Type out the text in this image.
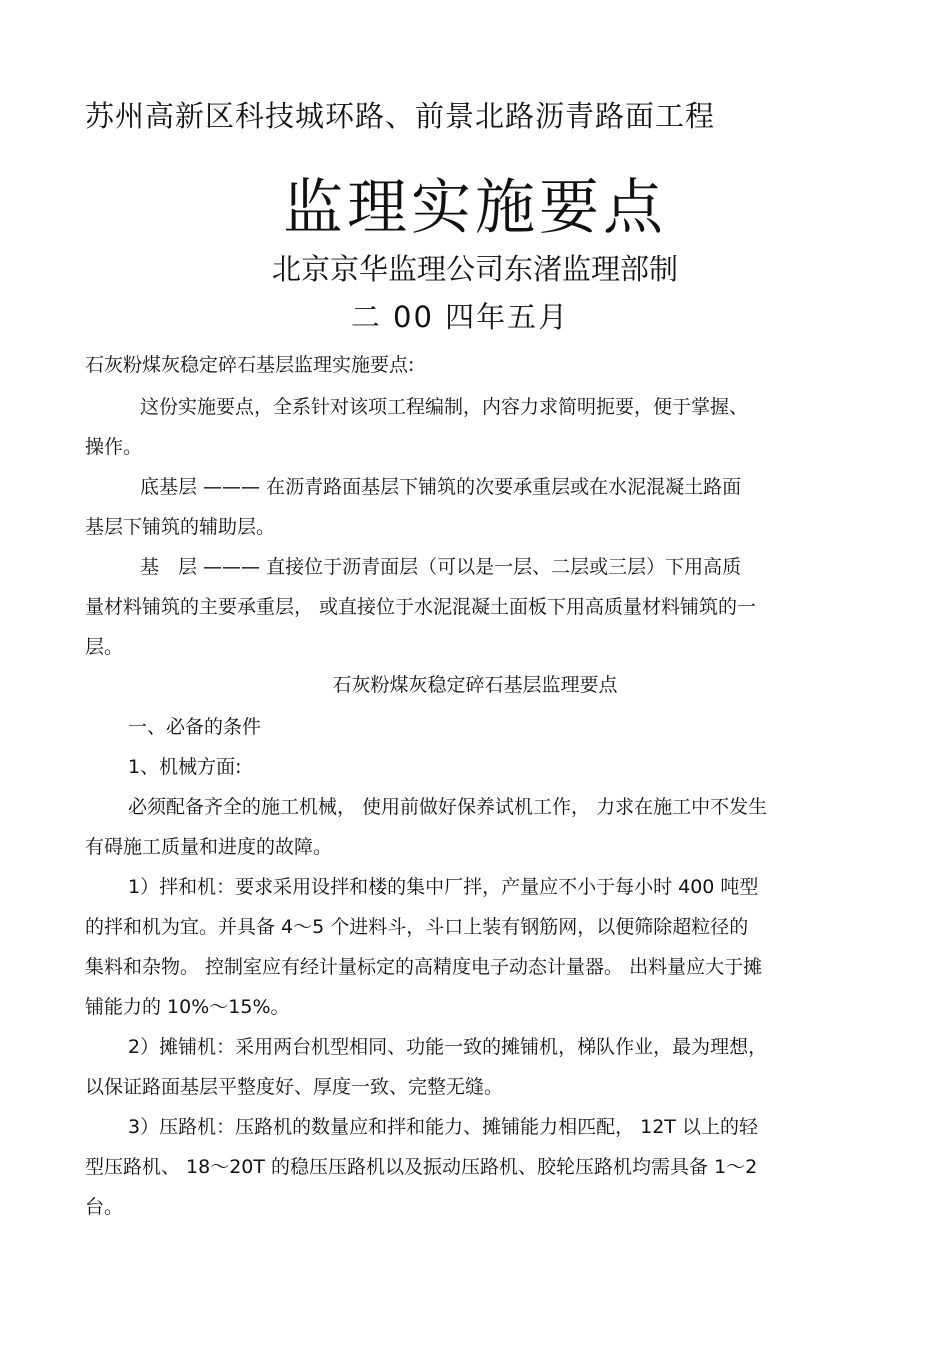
苏州高新区科技城环路、前景北路沥青路面工程
监理实施要点
北京京华监理公司东渚监理部制
二 00 四年五月
石灰粉煤灰稳定碎石基层监理实施要点:
这份实施要点，全系针对该项工程编制，内容力求简明扼要，便于掌握、
操作。
底基层 ——— 在沥青路面基层下铺筑的次要承重层或在水泥混凝土路面
基层下铺筑的辅助层。
基　层 ——— 直接位于沥青面层（可以是一层、二层或三层）下用高质
量材料铺筑的主要承重层， 或直接位于水泥混凝土面板下用高质量材料铺筑的一
层。
石灰粉煤灰稳定碎石基层监理要点
一、必备的条件
1、机械方面:
必须配备齐全的施工机械， 使用前做好保养试机工作， 力求在施工中不发生
有碍施工质量和进度的故障。
1）拌和机：要求采用设拌和楼的集中厂拌，产量应不小于每小时 400 吨型
的拌和机为宜。并具备 4～5 个进料斗，斗口上装有钢筋网，以便筛除超粒径的
集料和杂物。 控制室应有经计量标定的高精度电子动态计量器。 出料量应大于摊
铺能力的 10%～15%。
2）摊铺机：采用两台机型相同、功能一致的摊铺机，梯队作业，最为理想，
以保证路面基层平整度好、厚度一致、完整无缝。
3）压路机：压路机的数量应和拌和能力、摊铺能力相匹配， 12T 以上的轻
型压路机、 18～20T 的稳压压路机以及振动压路机、胶轮压路机均需具备 1～2
台。
